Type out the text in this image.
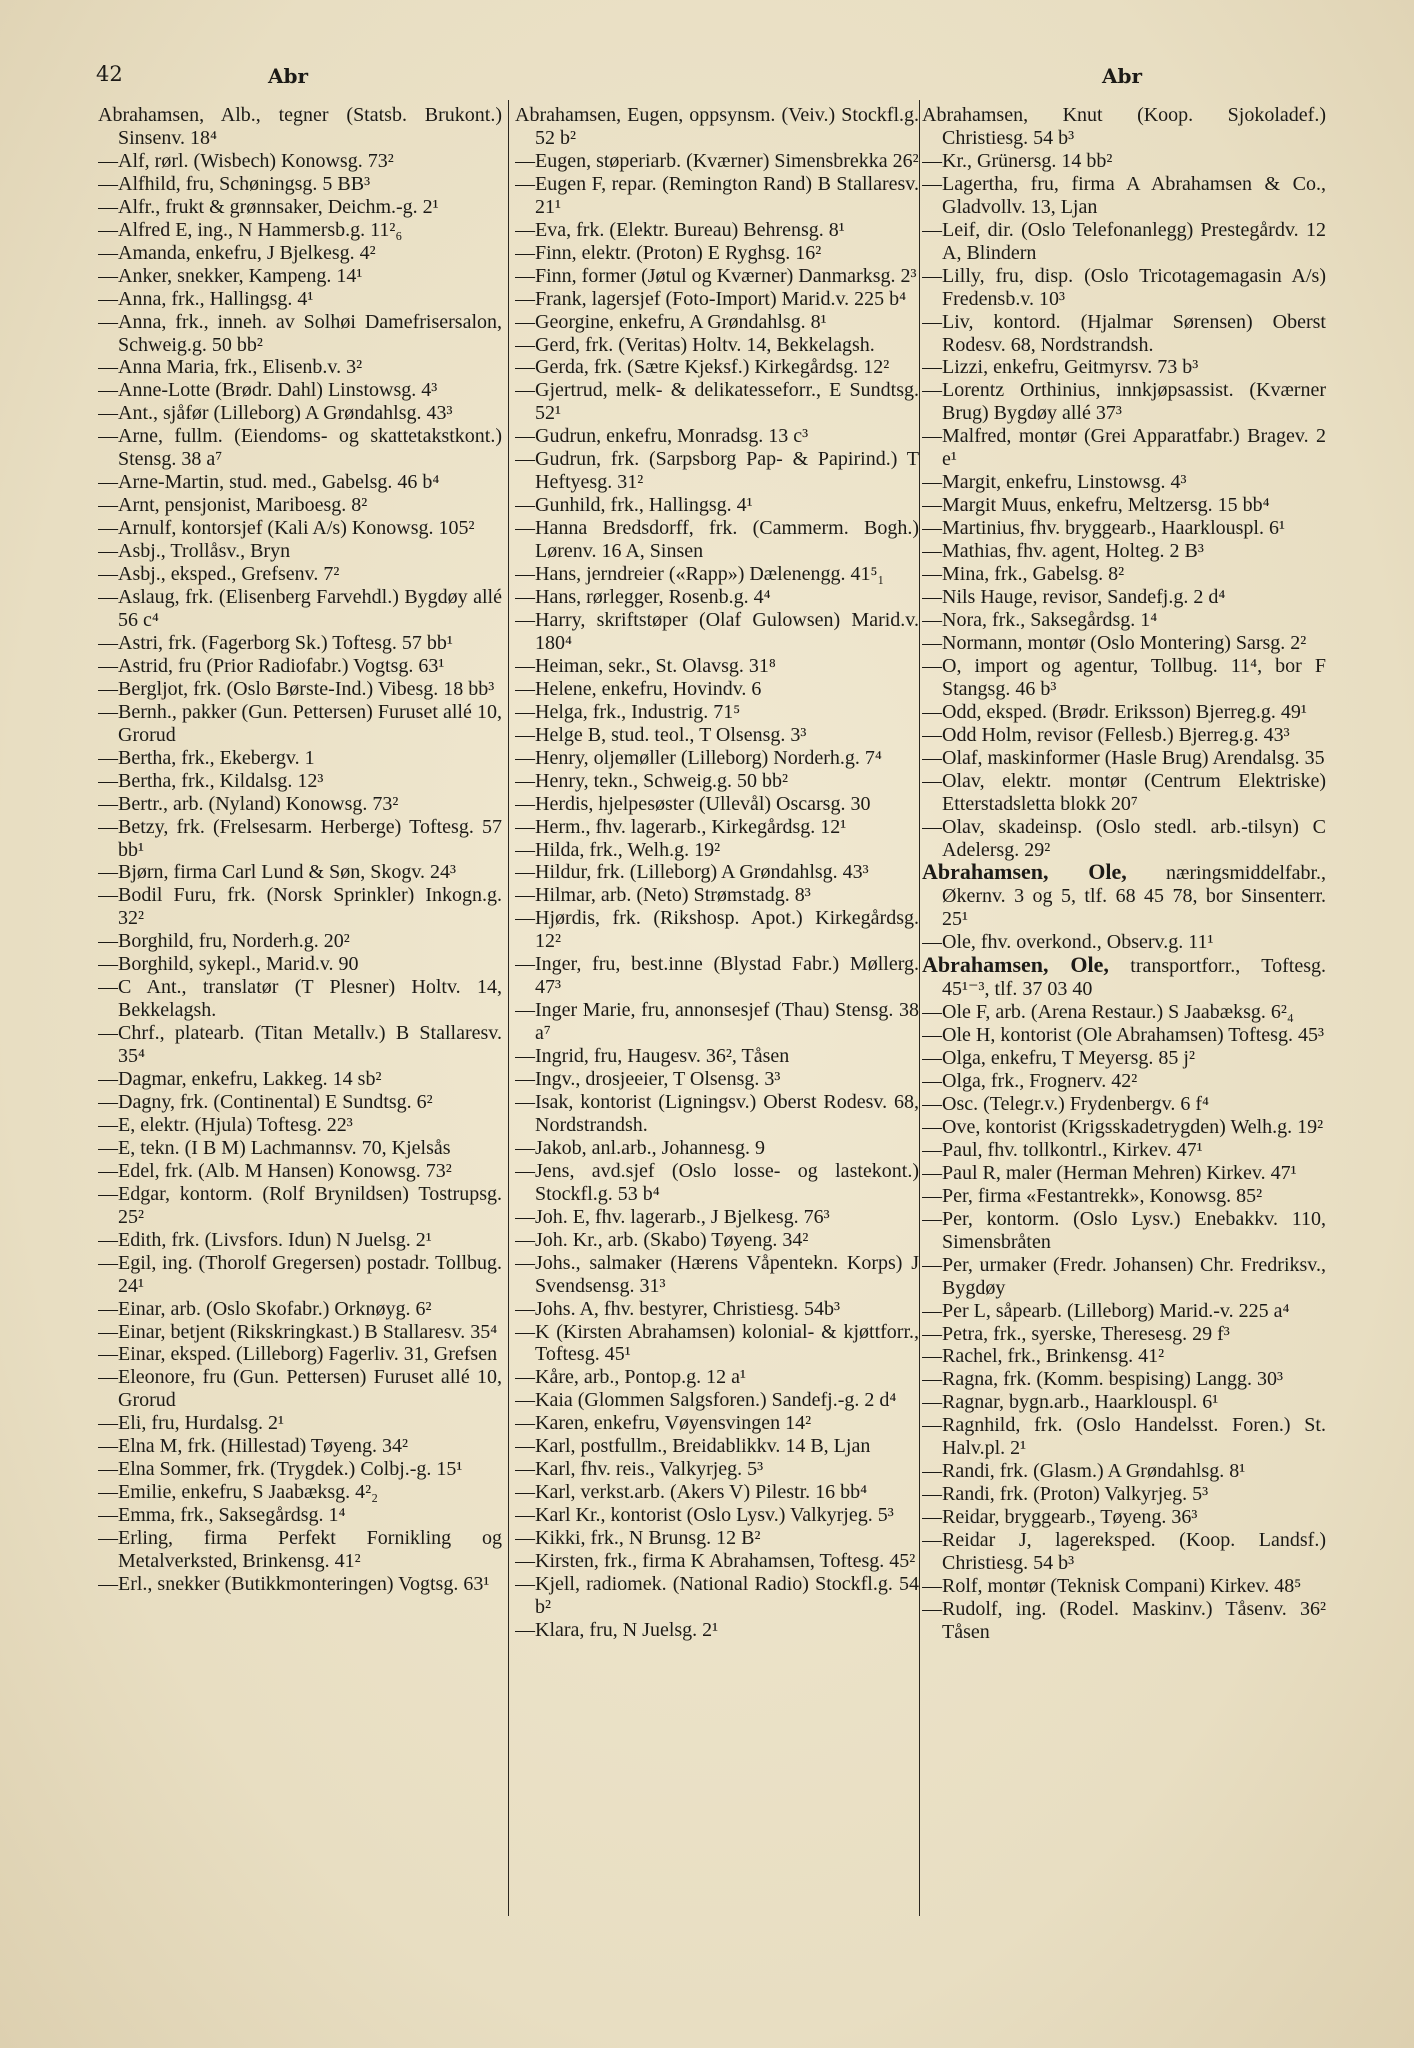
42	Abr	Abr

Abrahamsen, Alb., tegner (Statsb. Brukont.) Sinsenv. 18⁴

—Alf, rørl. (Wisbech) Konowsg. 73²

—Alfhild, fru, Schøningsg. 5 BB³

—Alfr., frukt & grønnsaker, Deichm.-g. 2¹

—Alfred E, ing., N Hammersb.g. 11²₆

—Amanda, enkefru, J Bjelkesg. 4²

—Anker, snekker, Kampeng. 14¹

—Anna, frk., Hallingsg. 4¹

—Anna, frk., inneh. av Solhøi Damefrisersalon, Schweig.g. 50 bb²

—Anna Maria, frk., Elisenb.v. 3²

—Anne-Lotte (Brødr. Dahl) Linstowsg. 4³

—Ant., sjåfør (Lilleborg) A Grøndahlsg. 43³

—Arne, fullm. (Eiendoms- og skattetakstkont.) Stensg. 38 a⁷

—Arne-Martin, stud. med., Gabelsg. 46 b⁴

—Arnt, pensjonist, Mariboesg. 8²

—Arnulf, kontorsjef (Kali A/s) Konowsg. 105²

—Asbj., Trollåsv., Bryn

—Asbj., eksped., Grefsenv. 7²

—Aslaug, frk. (Elisenberg Farvehdl.) Bygdøy allé 56 c⁴

—Astri, frk. (Fagerborg Sk.) Toftesg. 57 bb¹

—Astrid, fru (Prior Radiofabr.) Vogtsg. 63¹

—Bergljot, frk. (Oslo Børste-Ind.) Vibesg. 18 bb³

—Bernh., pakker (Gun. Pettersen) Furuset allé 10, Grorud

—Bertha, frk., Ekebergv. 1

—Bertha, frk., Kildalsg. 12³

—Bertr., arb. (Nyland) Konowsg. 73²

—Betzy, frk. (Frelsesarm. Herberge) Toftesg. 57 bb¹

—Bjørn, firma Carl Lund & Søn, Skogv. 24³

—Bodil Furu, frk. (Norsk Sprinkler) Inkogn.g. 32²

—Borghild, fru, Norderh.g. 20²

—Borghild, sykepl., Marid.v. 90

—C Ant., translatør (T Plesner) Holtv. 14, Bekkelagsh.

—Chrf., platearb. (Titan Metallv.) B Stallaresv. 35⁴

—Dagmar, enkefru, Lakkeg. 14 sb²

—Dagny, frk. (Continental) E Sundtsg. 6²

—E, elektr. (Hjula) Toftesg. 22³

—E, tekn. (I B M) Lachmannsv. 70, Kjelsås

—Edel, frk. (Alb. M Hansen) Konowsg. 73²

—Edgar, kontorm. (Rolf Brynildsen) Tostrupsg. 25²

—Edith, frk. (Livsfors. Idun) N Juelsg. 2¹

—Egil, ing. (Thorolf Gregersen) postadr. Tollbug. 24¹

—Einar, arb. (Oslo Skofabr.) Orknøyg. 6²

—Einar, betjent (Rikskringkast.) B Stallaresv. 35⁴

—Einar, eksped. (Lilleborg) Fagerliv. 31, Grefsen

—Eleonore, fru (Gun. Pettersen) Furuset allé 10, Grorud

—Eli, fru, Hurdalsg. 2¹

—Elna M, frk. (Hillestad) Tøyeng. 34²

—Elna Sommer, frk. (Trygdek.) Colbj.-g. 15¹

—Emilie, enkefru, S Jaabæksg. 4²₂

—Emma, frk., Saksegårdsg. 1⁴

—Erling, firma Perfekt Fornikling og Metalverksted, Brinkensg. 41²

—Erl., snekker (Butikkmonteringen) Vogtsg. 63¹

Abrahamsen, Eugen, oppsynsm. (Veiv.) Stockfl.g. 52 b²

—Eugen, støperiarb. (Kværner) Simensbrekka 26²

—Eugen F, repar. (Remington Rand) B Stallaresv. 21¹

—Eva, frk. (Elektr. Bureau) Behrensg. 8¹

—Finn, elektr. (Proton) E Ryghsg. 16²

—Finn, former (Jøtul og Kværner) Danmarksg. 2³

—Frank, lagersjef (Foto-Import) Marid.v. 225 b⁴

—Georgine, enkefru, A Grøndahlsg. 8¹

—Gerd, frk. (Veritas) Holtv. 14, Bekkelagsh.

—Gerda, frk. (Sætre Kjeksf.) Kirkegårdsg. 12²

—Gjertrud, melk- & delikatesseforr., E Sundtsg. 52¹

—Gudrun, enkefru, Monradsg. 13 c³

—Gudrun, frk. (Sarpsborg Pap- & Papirind.) T Heftyesg. 31²

—Gunhild, frk., Hallingsg. 4¹

—Hanna Bredsdorff, frk. (Cammerm. Bogh.) Lørenv. 16 A, Sinsen

—Hans, jerndreier («Rapp») Dælenengg. 41⁵₁

—Hans, rørlegger, Rosenb.g. 4⁴

—Harry, skriftstøper (Olaf Gulowsen) Marid.v. 180⁴

—Heiman, sekr., St. Olavsg. 31⁸

—Helene, enkefru, Hovindv. 6

—Helga, frk., Industrig. 71⁵

—Helge B, stud. teol., T Olsensg. 3³

—Henry, oljemøller (Lilleborg) Norderh.g. 7⁴

—Henry, tekn., Schweig.g. 50 bb²

—Herdis, hjelpesøster (Ullevål) Oscarsg. 30

—Herm., fhv. lagerarb., Kirkegårdsg. 12¹

—Hilda, frk., Welh.g. 19²

—Hildur, frk. (Lilleborg) A Grøndahlsg. 43³

—Hilmar, arb. (Neto) Strømstadg. 8³

—Hjørdis, frk. (Rikshosp. Apot.) Kirkegårdsg. 12²

—Inger, fru, best.inne (Blystad Fabr.) Møllerg. 47³

—Inger Marie, fru, annonsesjef (Thau) Stensg. 38 a⁷

—Ingrid, fru, Haugesv. 36², Tåsen

—Ingv., drosjeeier, T Olsensg. 3³

—Isak, kontorist (Ligningsv.) Oberst Rodesv. 68, Nordstrandsh.

—Jakob, anl.arb., Johannesg. 9

—Jens, avd.sjef (Oslo losse- og lastekont.) Stockfl.g. 53 b⁴

—Joh. E, fhv. lagerarb., J Bjelkesg. 76³

—Joh. Kr., arb. (Skabo) Tøyeng. 34²

—Johs., salmaker (Hærens Våpentekn. Korps) J Svendsensg. 31³

—Johs. A, fhv. bestyrer, Christiesg. 54b³

—K (Kirsten Abrahamsen) kolonial- & kjøttforr., Toftesg. 45¹

—Kåre, arb., Pontop.g. 12 a¹

—Kaia (Glommen Salgsforen.) Sandefj.-g. 2 d⁴

—Karen, enkefru, Vøyensvingen 14²

—Karl, postfullm., Breidablikkv. 14 B, Ljan

—Karl, fhv. reis., Valkyrjeg. 5³

—Karl, verkst.arb. (Akers V) Pilestr. 16 bb⁴

—Karl Kr., kontorist (Oslo Lysv.) Valkyrjeg. 5³

—Kikki, frk., N Brunsg. 12 B²

—Kirsten, frk., firma K Abrahamsen, Toftesg. 45²

—Kjell, radiomek. (National Radio) Stockfl.g. 54 b²

—Klara, fru, N Juelsg. 2¹

Abrahamsen, Knut (Koop. Sjokoladef.) Christiesg. 54 b³

—Kr., Grünersg. 14 bb²

—Lagertha, fru, firma A Abrahamsen & Co., Gladvollv. 13, Ljan

—Leif, dir. (Oslo Telefonanlegg) Prestegårdv. 12 A, Blindern

—Lilly, fru, disp. (Oslo Tricotagemagasin A/s) Fredensb.v. 10³

—Liv, kontord. (Hjalmar Sørensen) Oberst Rodesv. 68, Nordstrandsh.

—Lizzi, enkefru, Geitmyrsv. 73 b³

—Lorentz Orthinius, innkjøpsassist. (Kværner Brug) Bygdøy allé 37³

—Malfred, montør (Grei Apparatfabr.) Bragev. 2 e¹

—Margit, enkefru, Linstowsg. 4³

—Margit Muus, enkefru, Meltzersg. 15 bb⁴

—Martinius, fhv. bryggearb., Haarklouspl. 6¹

—Mathias, fhv. agent, Holteg. 2 B³

—Mina, frk., Gabelsg. 8²

—Nils Hauge, revisor, Sandefj.g. 2 d⁴

—Nora, frk., Saksegårdsg. 1⁴

—Normann, montør (Oslo Montering) Sarsg. 2²

—O, import og agentur, Tollbug. 11⁴, bor F Stangsg. 46 b³

—Odd, eksped. (Brødr. Eriksson) Bjerreg.g. 49¹

—Odd Holm, revisor (Fellesb.) Bjerreg.g. 43³

—Olaf, maskinformer (Hasle Brug) Arendalsg. 35

—Olav, elektr. montør (Centrum Elektriske) Etterstadsletta blokk 20⁷

—Olav, skadeinsp. (Oslo stedl. arb.-tilsyn) C Adelersg. 29²

Abrahamsen, Ole, næringsmiddelfabr., Økernv. 3 og 5, tlf. 68 45 78, bor Sinsenterr. 25¹

—Ole, fhv. overkond., Observ.g. 11¹

Abrahamsen, Ole, transportforr., Toftesg. 45¹⁻³, tlf. 37 03 40

—Ole F, arb. (Arena Restaur.) S Jaabæksg. 6²₄

—Ole H, kontorist (Ole Abrahamsen) Toftesg. 45³

—Olga, enkefru, T Meyersg. 85 j²

—Olga, frk., Frognerv. 42²

—Osc. (Telegr.v.) Frydenbergv. 6 f⁴

—Ove, kontorist (Krigsskadetrygden) Welh.g. 19²

—Paul, fhv. tollkontrl., Kirkev. 47¹

—Paul R, maler (Herman Mehren) Kirkev. 47¹

—Per, firma «Festantrekk», Konowsg. 85²

—Per, kontorm. (Oslo Lysv.) Enebakkv. 110, Simensbråten

—Per, urmaker (Fredr. Johansen) Chr. Fredriksv., Bygdøy

—Per L, såpearb. (Lilleborg) Marid.-v. 225 a⁴

—Petra, frk., syerske, Theresesg. 29 f³

—Rachel, frk., Brinkensg. 41²

—Ragna, frk. (Komm. bespising) Langg. 30³

—Ragnar, bygn.arb., Haarklouspl. 6¹

—Ragnhild, frk. (Oslo Handelsst. Foren.) St. Halv.pl. 2¹

—Randi, frk. (Glasm.) A Grøndahlsg. 8¹

—Randi, frk. (Proton) Valkyrjeg. 5³

—Reidar, bryggearb., Tøyeng. 36³

—Reidar J, lagereksped. (Koop. Landsf.) Christiesg. 54 b³

—Rolf, montør (Teknisk Compani) Kirkev. 48⁵

—Rudolf, ing. (Rodel. Maskinv.) Tåsenv. 36² Tåsen
